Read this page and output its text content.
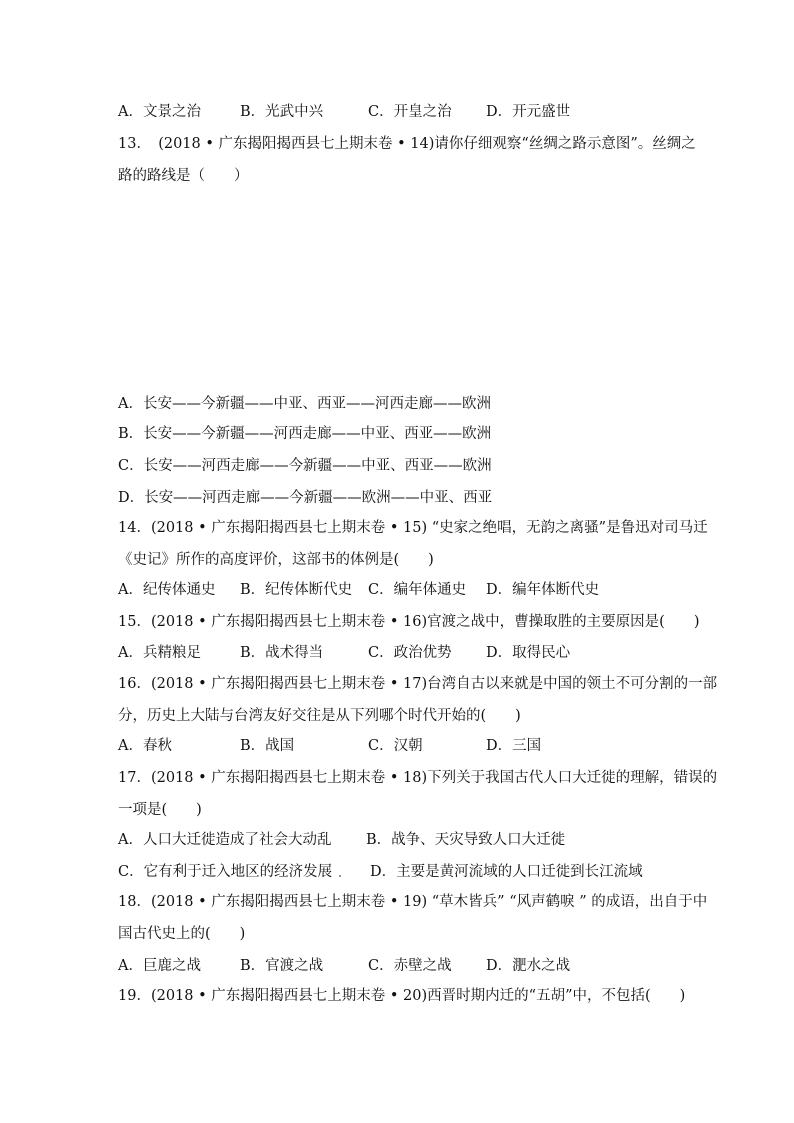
A．文景之治	B．光武中兴	C．开皇之治 D．开元盛世
13．　(2018 • 广东揭阳揭西县七上期末卷 • 14)请你仔细观察“丝绸之路示意图”。丝绸之
路的路线是（　　）
A．长安——今新疆——中亚、西亚——河西走廊——欧洲
B．长安——今新疆——河西走廊——中亚、西亚——欧洲
C．长安——河西走廊——今新疆——中亚、西亚——欧洲
D．长安——河西走廊——今新疆——欧洲——中亚、西亚
14．(2018 • 广东揭阳揭西县七上期末卷 • 15) “史家之绝唱，无韵之离骚”是鲁迅对司马迁
《史记》所作的高度评价，这部书的体例是(　　)
A．纪传体通史 B．纪传体断代史 C．编年体通史 D．编年体断代史
15．(2018 • 广东揭阳揭西县七上期末卷 • 16)官渡之战中，曹操取胜的主要原因是(　　)
A．兵精粮足	B．战术得当	C．政治优势 D．取得民心
16．(2018 • 广东揭阳揭西县七上期末卷 • 17)台湾自古以来就是中国的领土不可分割的一部
分，历史上大陆与台湾友好交往是从下列哪个时代开始的(　　)
A．春秋	B．战国	C．汉朝	D．三国
17．(2018 • 广东揭阳揭西县七上期末卷 • 18)下列关于我国古代人口大迁徙的理解，错误的
一项是(　　)
A．人口大迁徙造成了社会大动乱 B．战争、天灾导致人口大迁徙
C．它有利于迁入地区的经济发展	D．主要是黄河流域的人口迁徙到长江流域
18．(2018 • 广东揭阳揭西县七上期末卷 • 19) “草木皆兵” “风声鹤唳 ” 的成语，出自于中
国古代史上的(　　)
A．巨鹿之战	B．官渡之战	C．赤壁之战 D．淝水之战
19．(2018 • 广东揭阳揭西县七上期末卷 • 20)西晋时期内迁的“五胡”中，不包括(　　)
